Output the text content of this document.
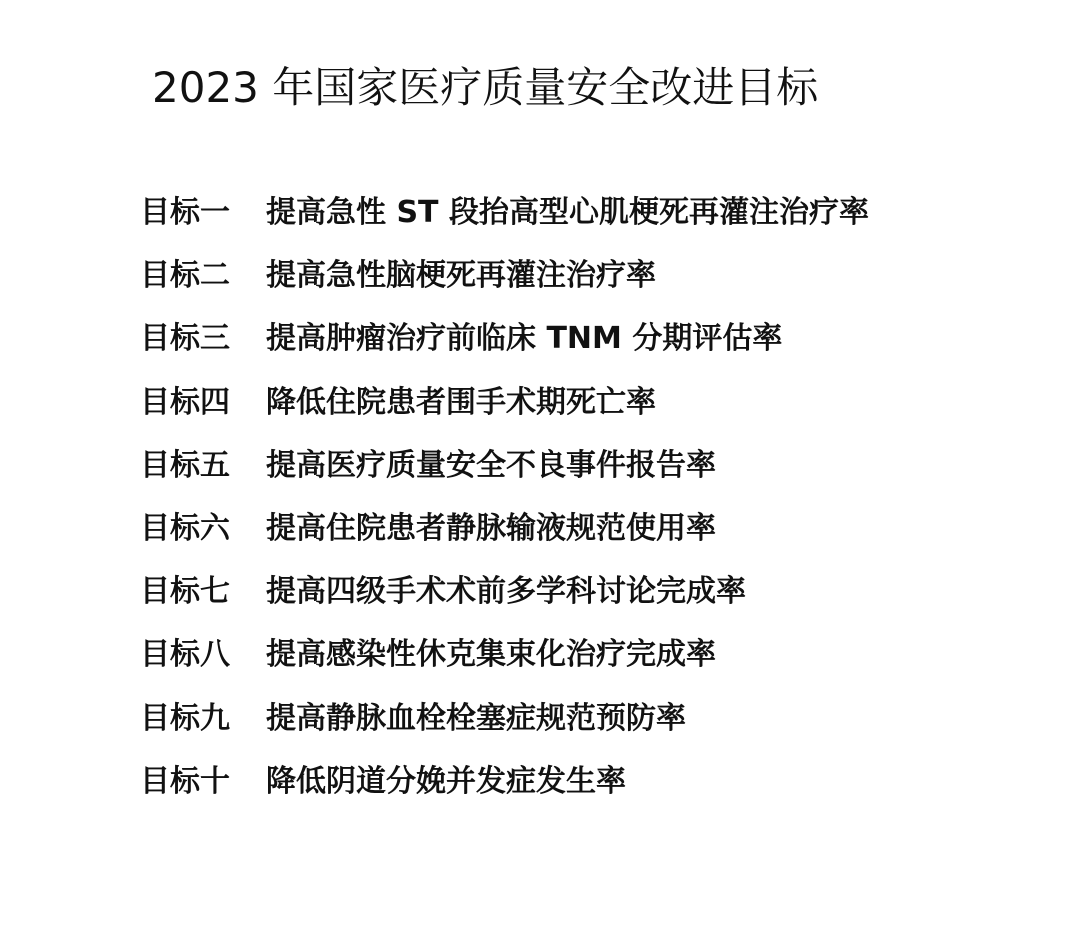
2023 年国家医疗质量安全改进目标
目标一	提高急性 ST 段抬高型心肌梗死再灌注治疗率
目标二	提高急性脑梗死再灌注治疗率
目标三	提高肿瘤治疗前临床 TNM 分期评估率
目标四	降低住院患者围手术期死亡率
目标五	提高医疗质量安全不良事件报告率
目标六	提高住院患者静脉输液规范使用率
目标七	提高四级手术术前多学科讨论完成率
目标八	提高感染性休克集束化治疗完成率
目标九	提高静脉血栓栓塞症规范预防率
目标十	降低阴道分娩并发症发生率
